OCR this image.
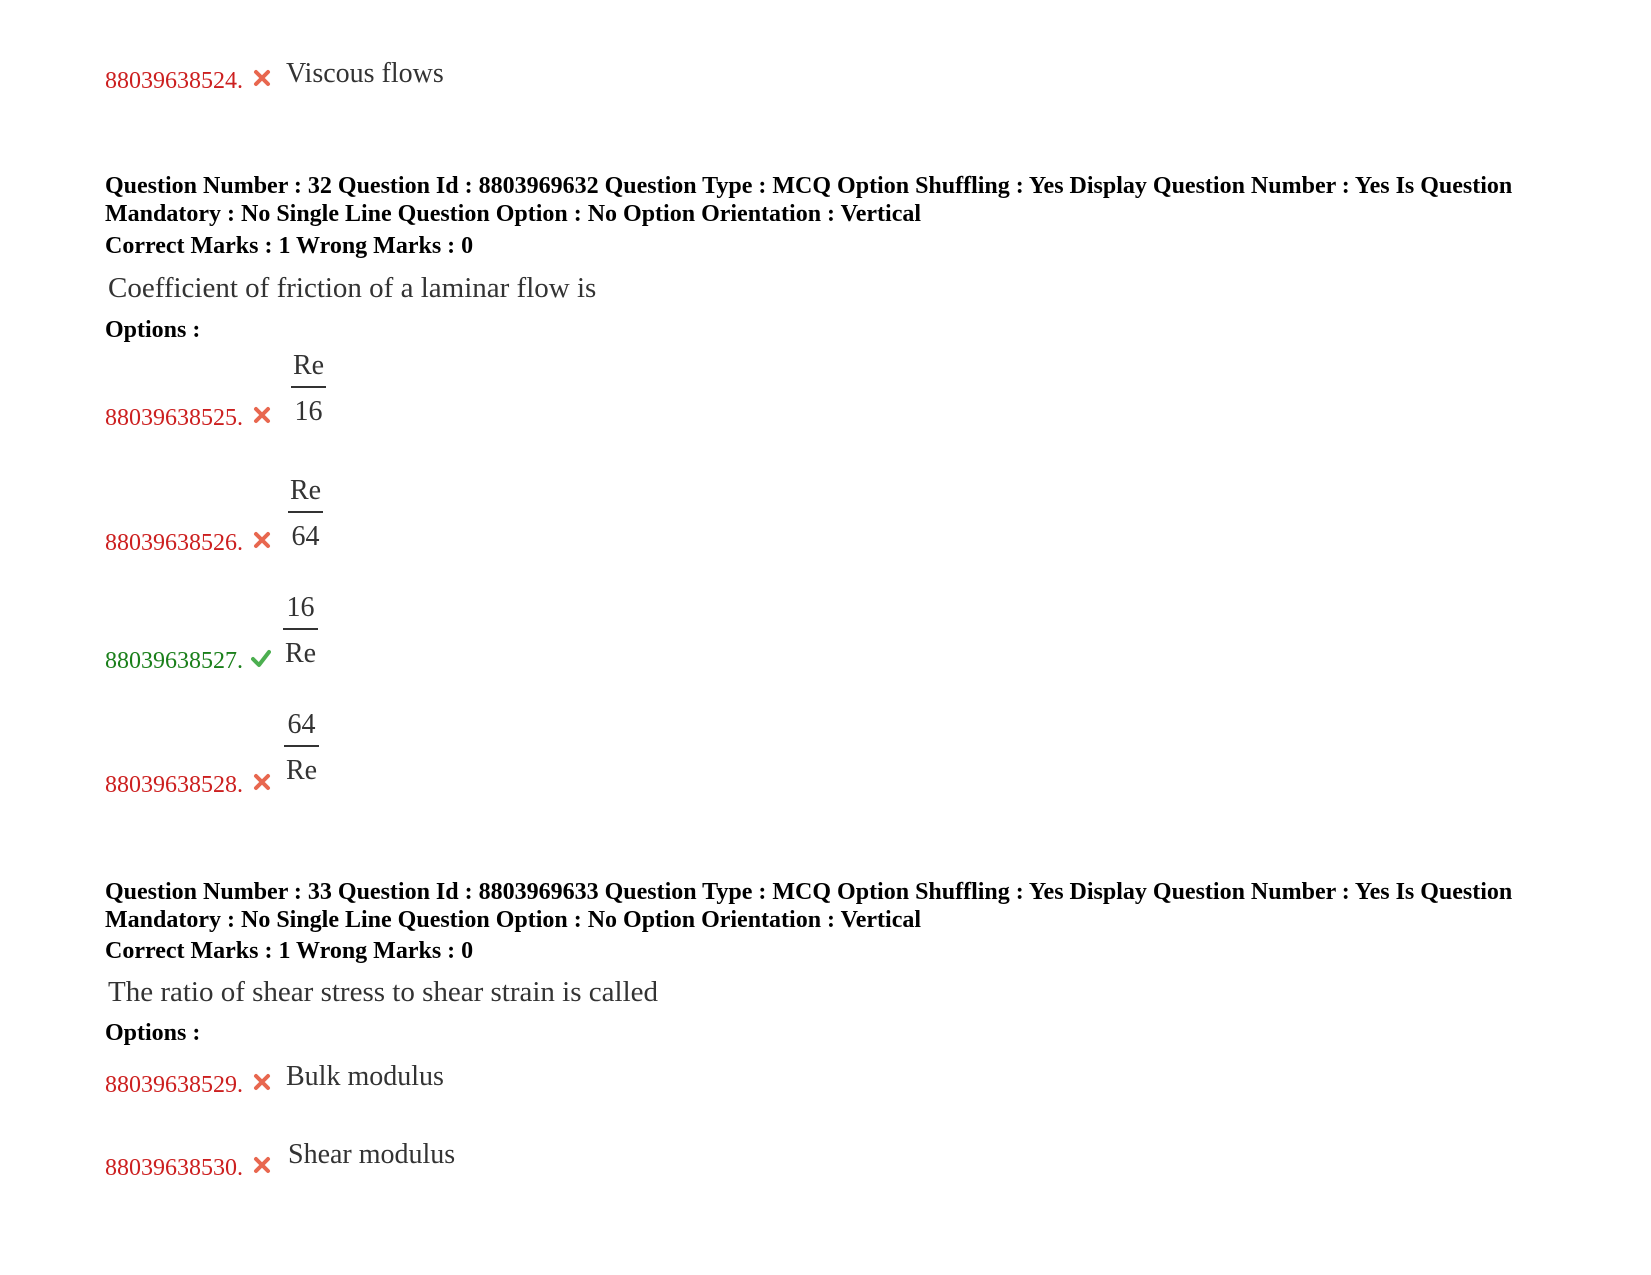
88039638524. Viscous flows
Question Number : 32 Question Id : 8803969632 Question Type : MCQ Option Shuffling : Yes Display Question Number : Yes Is Question Mandatory : No Single Line Question Option : No Option Orientation : Vertical
Correct Marks : 1 Wrong Marks : 0
Coefficient of friction of a laminar flow is
Options :
88039638525.
Re
16
88039638526.
Re
64
88039638527.
16
Re
88039638528.
64
Re
Question Number : 33 Question Id : 8803969633 Question Type : MCQ Option Shuffling : Yes Display Question Number : Yes Is Question Mandatory : No Single Line Question Option : No Option Orientation : Vertical
Correct Marks : 1 Wrong Marks : 0
The ratio of shear stress to shear strain is called
Options :
88039638529. Bulk modulus
88039638530. Shear modulus
